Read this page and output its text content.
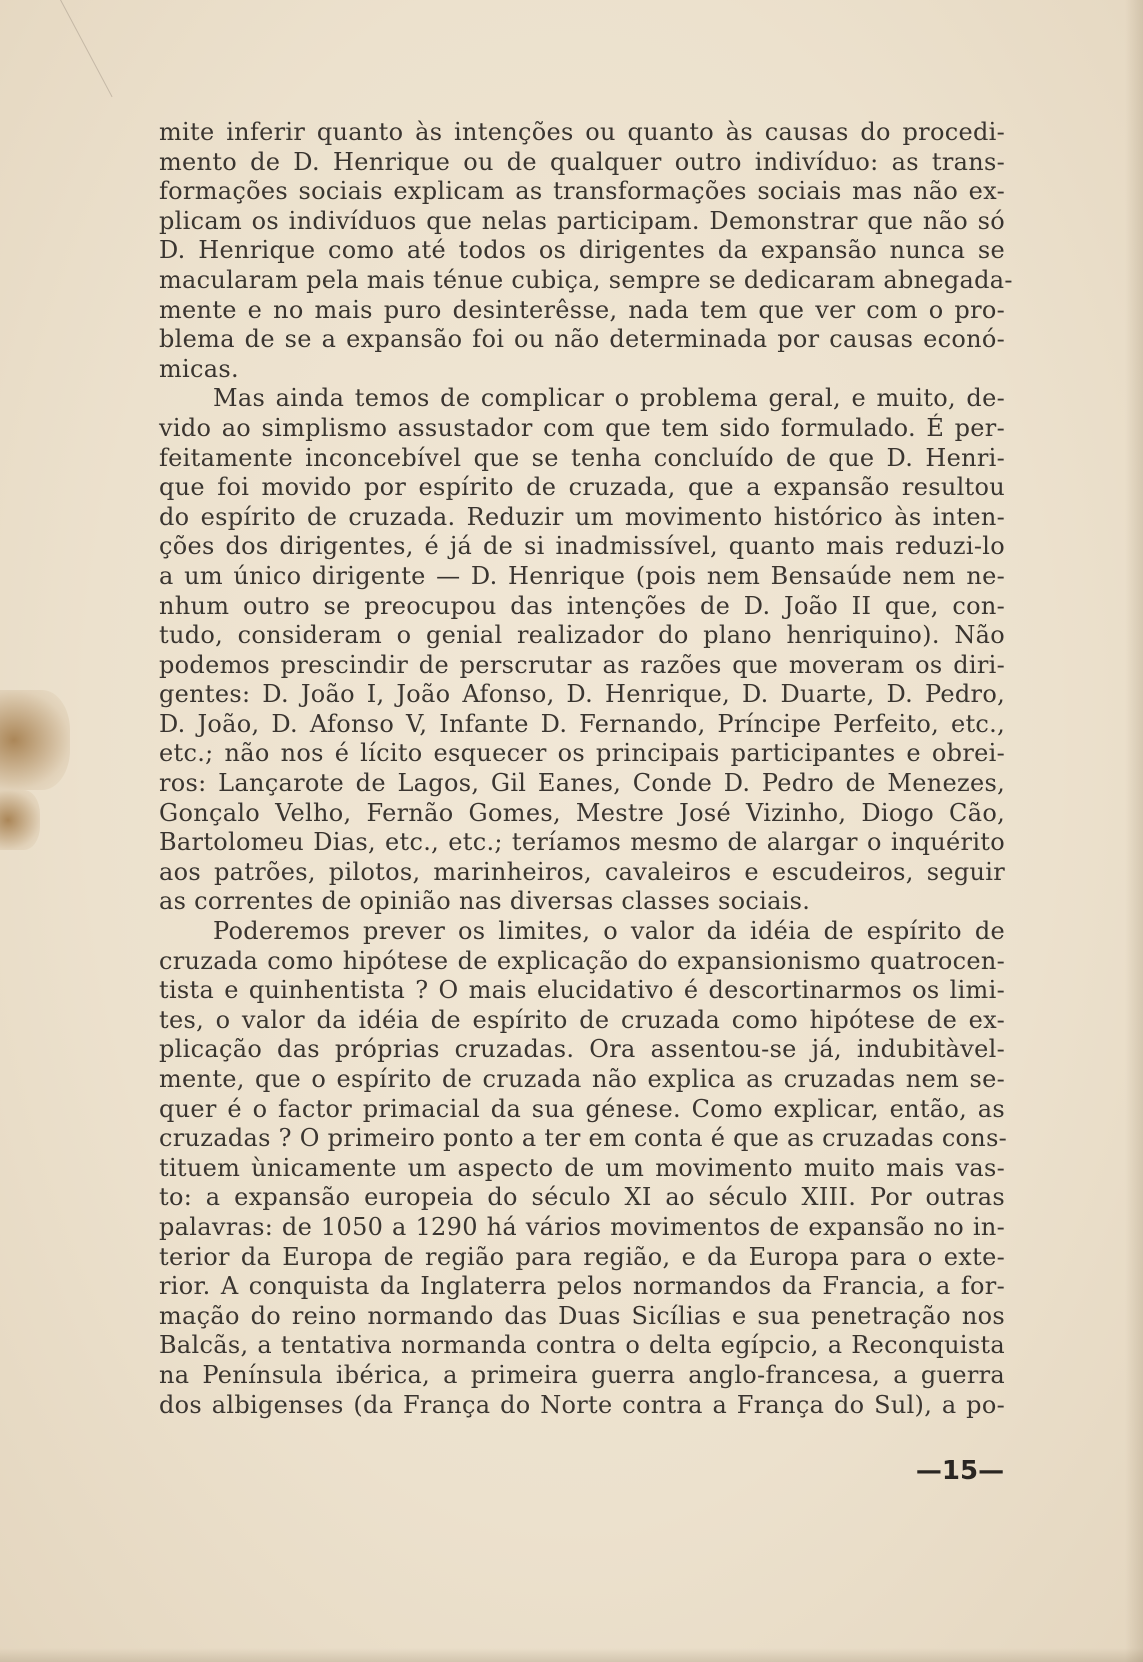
mite inferir quanto às intenções ou quanto às causas do procedi-
mento de D. Henrique ou de qualquer outro indivíduo: as trans-
formações sociais explicam as transformações sociais mas não ex-
plicam os indivíduos que nelas participam. Demonstrar que não só
D. Henrique como até todos os dirigentes da expansão nunca se
macularam pela mais ténue cubiça, sempre se dedicaram abnegada-
mente e no mais puro desinterêsse, nada tem que ver com o pro-
blema de se a expansão foi ou não determinada por causas econó-
micas.
Mas ainda temos de complicar o problema geral, e muito, de-
vido ao simplismo assustador com que tem sido formulado. É per-
feitamente inconcebível que se tenha concluído de que D. Henri-
que foi movido por espírito de cruzada, que a expansão resultou
do espírito de cruzada. Reduzir um movimento histórico às inten-
ções dos dirigentes, é já de si inadmissível, quanto mais reduzi-lo
a um único dirigente — D. Henrique (pois nem Bensaúde nem ne-
nhum outro se preocupou das intenções de D. João II que, con-
tudo, consideram o genial realizador do plano henriquino). Não
podemos prescindir de perscrutar as razões que moveram os diri-
gentes: D. João I, João Afonso, D. Henrique, D. Duarte, D. Pedro,
D. João, D. Afonso V, Infante D. Fernando, Príncipe Perfeito, etc.,
etc.; não nos é lícito esquecer os principais participantes e obrei-
ros: Lançarote de Lagos, Gil Eanes, Conde D. Pedro de Menezes,
Gonçalo Velho, Fernão Gomes, Mestre José Vizinho, Diogo Cão,
Bartolomeu Dias, etc., etc.; teríamos mesmo de alargar o inquérito
aos patrões, pilotos, marinheiros, cavaleiros e escudeiros, seguir
as correntes de opinião nas diversas classes sociais.
Poderemos prever os limites, o valor da idéia de espírito de
cruzada como hipótese de explicação do expansionismo quatrocen-
tista e quinhentista ? O mais elucidativo é descortinarmos os limi-
tes, o valor da idéia de espírito de cruzada como hipótese de ex-
plicação das próprias cruzadas. Ora assentou-se já, indubitàvel-
mente, que o espírito de cruzada não explica as cruzadas nem se-
quer é o factor primacial da sua génese. Como explicar, então, as
cruzadas ? O primeiro ponto a ter em conta é que as cruzadas cons-
tituem ùnicamente um aspecto de um movimento muito mais vas-
to: a expansão europeia do século XI ao século XIII. Por outras
palavras: de 1050 a 1290 há vários movimentos de expansão no in-
terior da Europa de região para região, e da Europa para o exte-
rior. A conquista da Inglaterra pelos normandos da Francia, a for-
mação do reino normando das Duas Sicílias e sua penetração nos
Balcãs, a tentativa normanda contra o delta egípcio, a Reconquista
na Península ibérica, a primeira guerra anglo-francesa, a guerra
dos albigenses (da França do Norte contra a França do Sul), a po-
—15—
